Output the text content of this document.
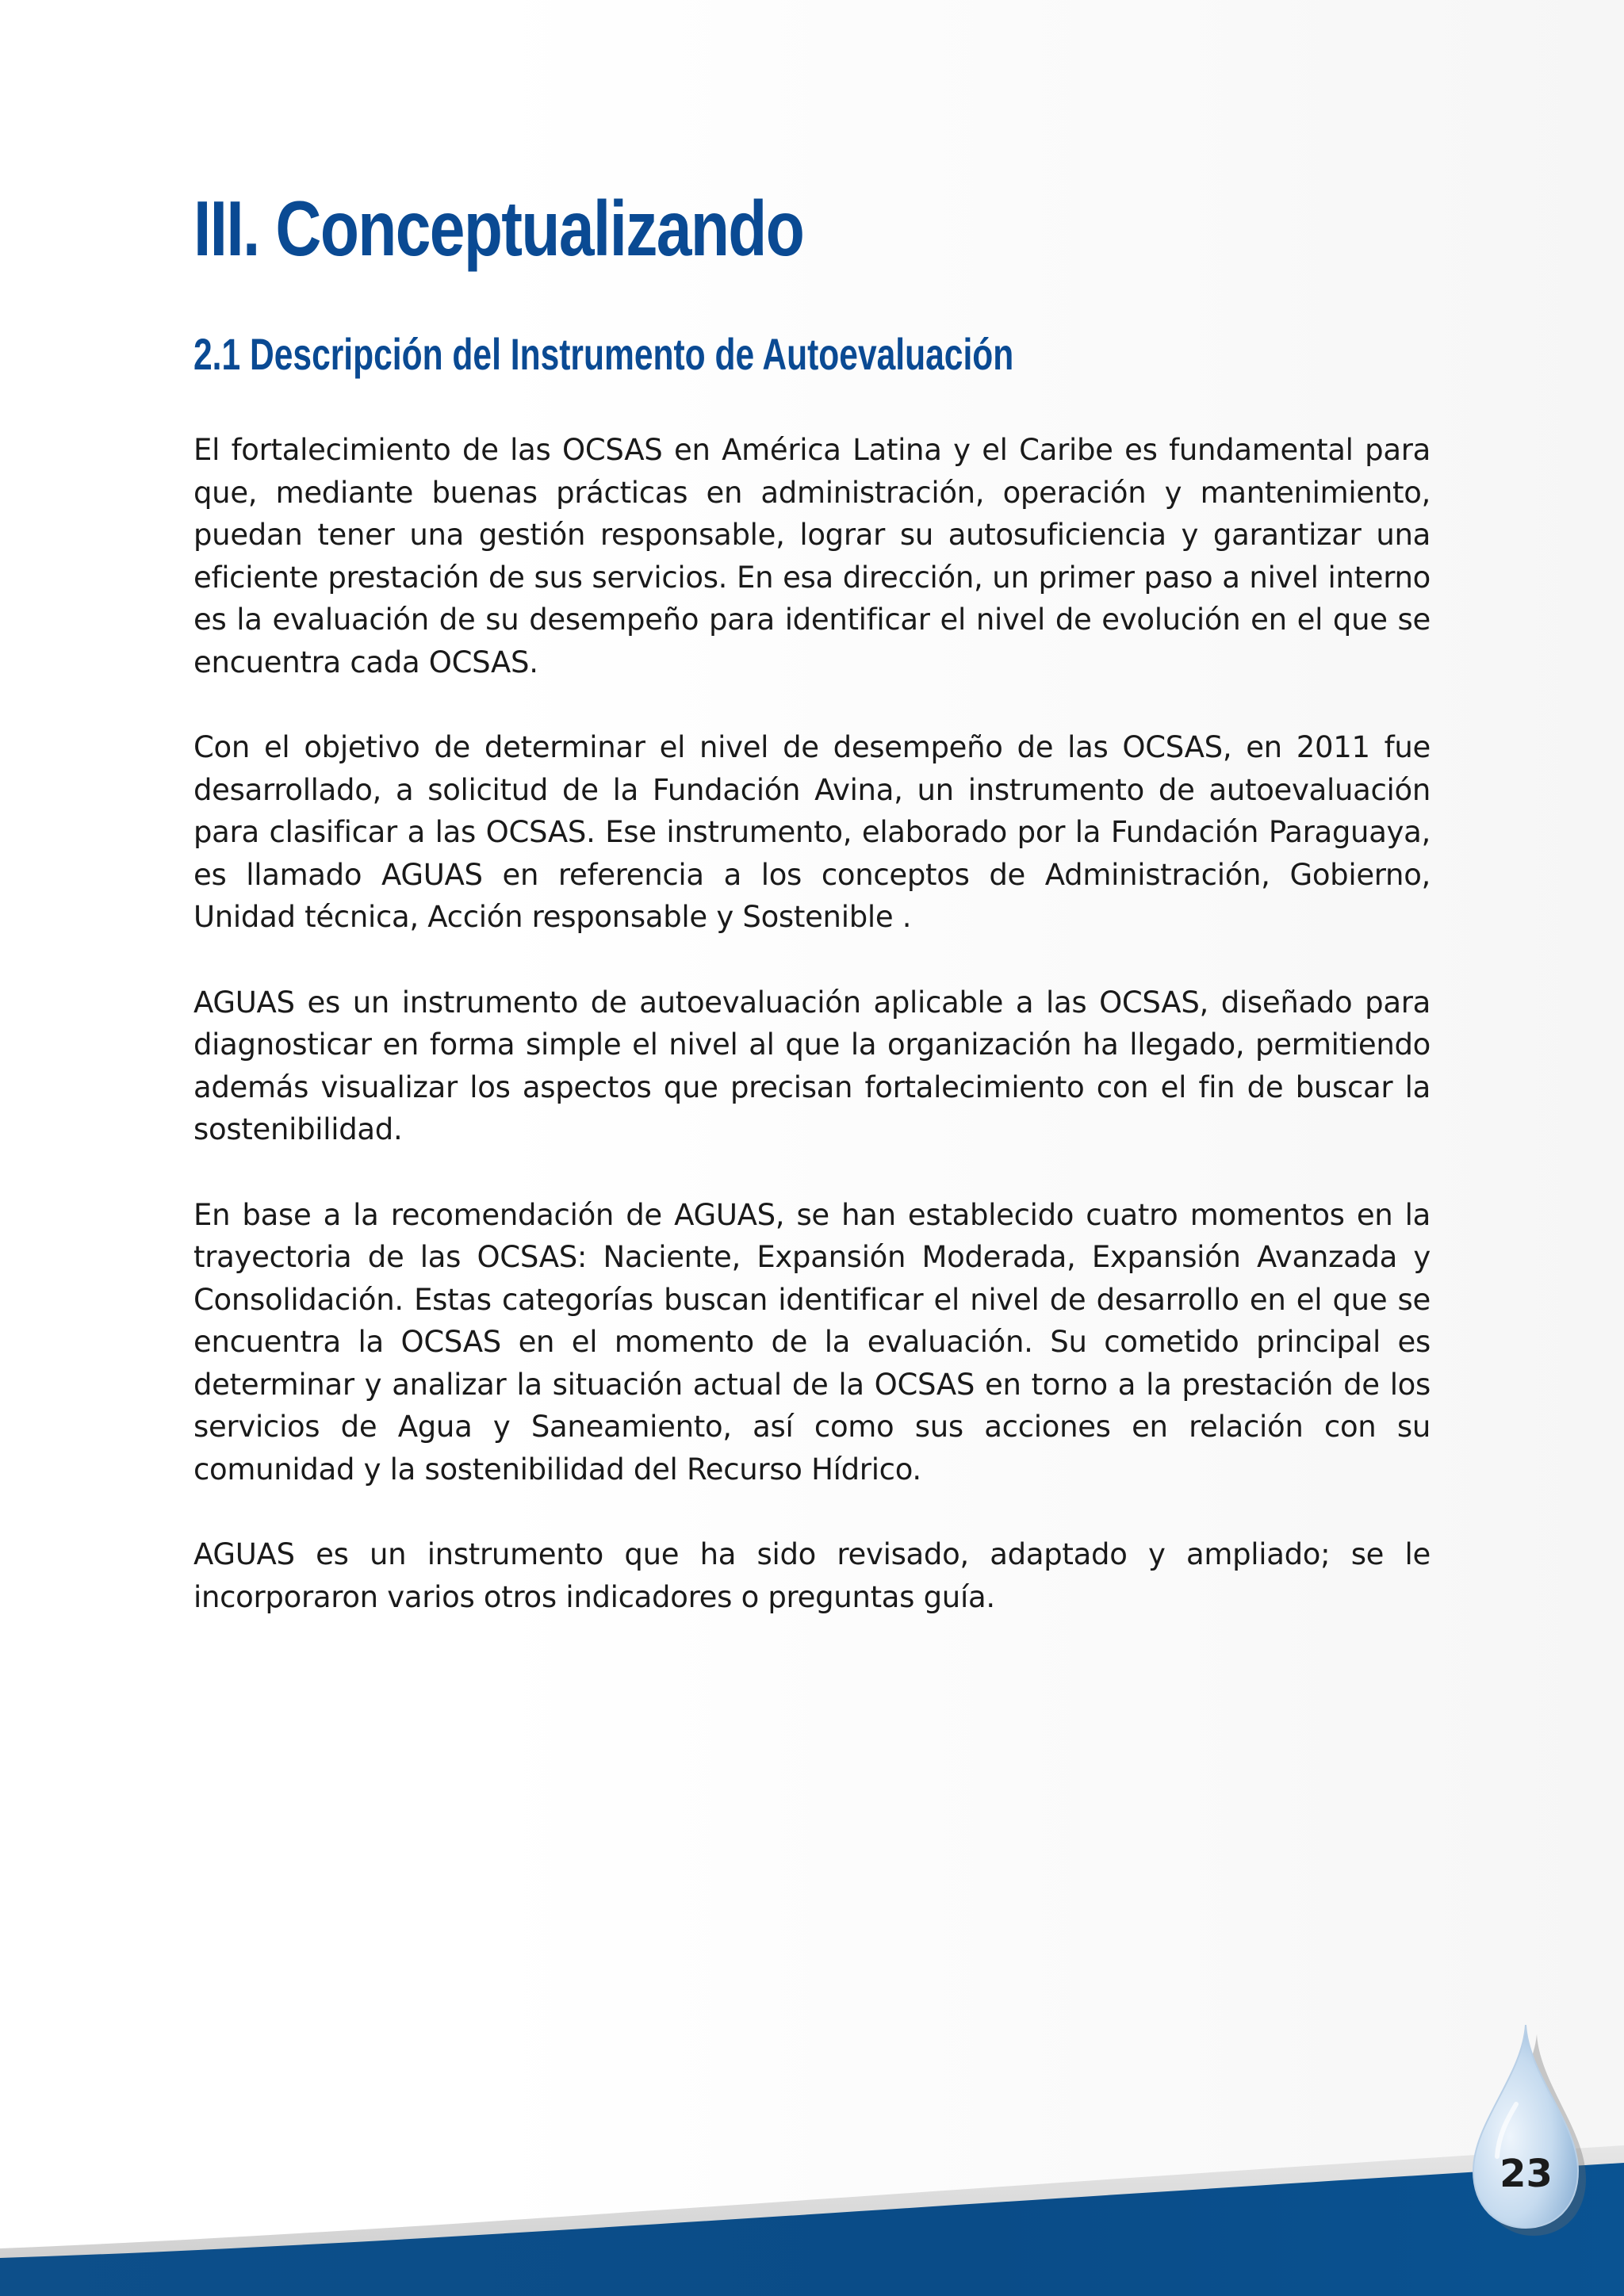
III. Conceptualizando
2.1 Descripción del Instrumento de Autoevaluación

El fortalecimiento de las OCSAS en América Latina y el Caribe es fundamental para que, mediante buenas prácticas en administración, operación y mantenimiento, puedan tener una gestión responsable, lograr su autosuficiencia y garantizar una eficiente prestación de sus servicios. En esa dirección, un primer paso a nivel interno es la evaluación de su desempeño para identificar el nivel de evolución en el que se encuentra cada OCSAS.

Con el objetivo de determinar el nivel de desempeño de las OCSAS, en 2011 fue desarrollado, a solicitud de la Fundación Avina, un instrumento de autoevaluación para clasificar a las OCSAS. Ese instrumento, elaborado por la Fundación Paraguaya, es llamado AGUAS en referencia a los conceptos de Administración, Gobierno, Unidad técnica, Acción responsable y Sostenible .

AGUAS es un instrumento de autoevaluación aplicable a las OCSAS, diseñado para diagnosticar en forma simple el nivel al que la organización ha llegado, permitiendo además visualizar los aspectos que precisan fortalecimiento con el fin de buscar la sostenibilidad.

En base a la recomendación de AGUAS, se han establecido cuatro momentos en la trayectoria de las OCSAS: Naciente, Expansión Moderada, Expansión Avanzada y Consolidación. Estas categorías buscan identificar el nivel de desarrollo en el que se encuentra la OCSAS en el momento de la evaluación. Su cometido principal es determinar y analizar la situación actual de la OCSAS en torno a la prestación de los servicios de Agua y Saneamiento, así como sus acciones en relación con su comunidad y la sostenibilidad del Recurso Hídrico.

AGUAS es un instrumento que ha sido revisado, adaptado y ampliado; se le incorporaron varios otros indicadores o preguntas guía.

23
